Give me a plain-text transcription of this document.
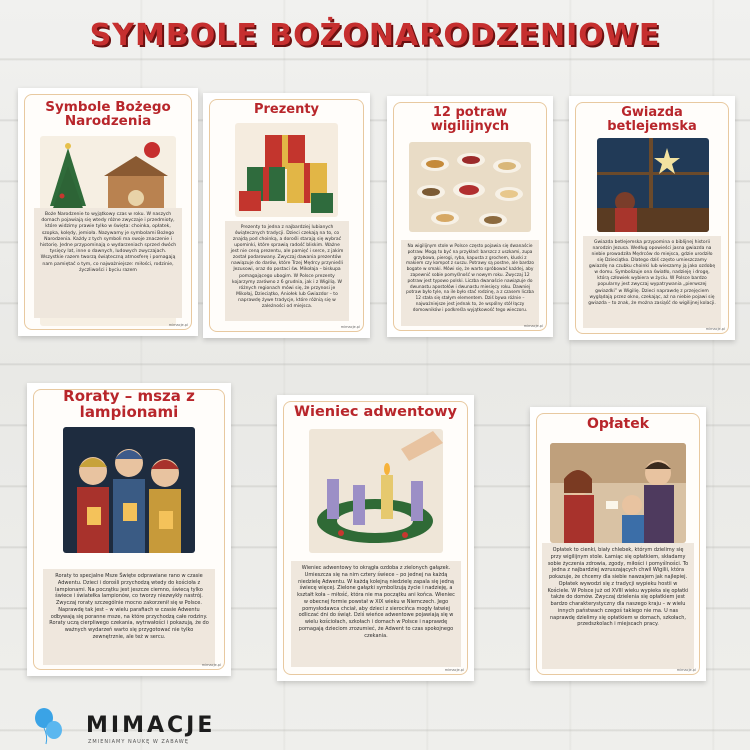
SYMBOLE BOŻONARODZENIOWE
Symbole Bożego Narodzenia
Boże Narodzenie to wyjątkowy czas w roku. W naszych domach pojawiają się wtedy różne zwyczaje i przedmioty, które widzimy prawie tylko w święta: choinka, opłatek, szopka, kolędy, jemioła. Nazywamy je symbolami Bożego Narodzenia. Każdy z tych symboli ma swoje znaczenie i historię. Jedne przypominają o wydarzeniach sprzed dwóch tysięcy lat, inne o dawnych, ludowych zwyczajach. Wszystkie razem tworzą świąteczną atmosferę i pomagają nam pamiętać o tym, co najważniejsze: miłości, rodzinie, życzliwości i byciu razem
mimacje.pl
Prezenty
Prezenty to jedna z najbardziej lubianych świątecznych tradycji. Dzieci czekają na to, co znajdą pod choinką, a dorośli starają się wybrać upominki, które sprawią radość bliskim. Ważne jest nie ceną prezentu, ale pamięć i serce, z jakim został podarowany. Zwyczaj dawania prezentów nawiązuje do darów, które Trzej Mędrcy przynieśli Jezusowi, oraz do postaci św. Mikołaja – biskupa pomagającego ubogim. W Polsce prezenty kojarzymy zarówno z 6 grudnia, jak i z Wigilią. W różnych regionach mówi się, że przynosi je Mikołaj, Dzieciątko, Aniołek lub Gwiazdor – to naprawdę żywe tradycje, które różnią się w zależności od miejsca.
mimacje.pl
12 potraw wigilijnych
Na wigilijnym stole w Polsce często pojawia się dwanaście potraw. Mogą to być na przykład: barszcz z uszkami, zupa grzybowa, pierogi, ryba, kapusta z grochem, kluski z makiem czy kompot z suszu. Potrawy są postne, ale bardzo bogate w smaki. Mówi się, że warto spróbować każdej, aby zapewnić sobie pomyślność w nowym roku. Zwyczaj 12 potraw jest typowo polski. Liczba dwanaście nawiązuje do dwunastu apostołów i dwunastu miesięcy roku. Dawniej potraw było tyle, na ile było stać rodzinę, a z czasem liczba 12 stała się stałym elementem. Dziś bywa różnie – najważniejsze jest jednak to, że wspólny stół łączy domowników i podkreśla wyjątkowość tego wieczoru.
mimacje.pl
Gwiazda betlejemska
Gwiazda betlejemska przypomina o biblijnej historii narodzin Jezusa. Według opowieści jasna gwiazda na niebie prowadziła Mędrców do miejsca, gdzie urodziło się Dzieciątko. Dlatego dziś często umieszczamy gwiazdę na czubku choinki lub wieszamy ją jako ozdobę w domu. Symbolizuje ona światło, nadzieję i drogę, którą człowiek wybiera w życiu. W Polsce bardzo popularny jest zwyczaj wypatrywania „pierwszej gwiazdki” w Wigilię. Dzieci naprawdę z przejęciem wyglądają przez okno, czekając, aż na niebie pojawi się gwiazda – to znak, że można zasiąść do wigilijnej kolacji.
mimacje.pl
Roraty – msza z lampionami
Roraty to specjalne Msze Święte odprawiane rano w czasie Adwentu. Dzieci i dorośli przychodzą wtedy do kościoła z lampionami. Na początku jest jeszcze ciemno, świecą tylko świece i światełka lampionów, co tworzy niezwykły nastrój. Zwyczaj roraty szczególnie mocno zakorzenił się w Polsce. Naprawdę tak jest – w wielu parafiach w czasie Adwentu odbywają się poranne msze, na które przychodzą całe rodziny. Roraty uczą cierpliwego czekania, wytrwałości i pokazują, że do ważnych wydarzeń warto się przygotować nie tylko zewnętrznie, ale też w sercu.
mimacje.pl
Wieniec adwentowy
Wieniec adwentowy to okrągła ozdoba z zielonych gałązek. Umieszcza się na nim cztery świece – po jednej na każdą niedzielę Adwentu. W każdą kolejną niedzielę zapala się jedną świecę więcej. Zielone gałązki symbolizują życie i nadzieję, a kształt koła – miłość, która nie ma początku ani końca. Wieniec w obecnej formie powstał w XIX wieku w Niemczech. Jego pomysłodawca chciał, aby dzieci z sierocińca mogły łatwiej odliczać dni do świąt. Dziś wieńce adwentowe pojawiają się w wielu kościołach, szkołach i domach w Polsce i naprawdę pomagają dzieciom zrozumieć, że Adwent to czas spokojnego czekania.
mimacje.pl
Opłatek
Opłatek to cienki, biały chlebek, którym dzielimy się przy wigilijnym stole. Łamiąc się opłatkiem, składamy sobie życzenia zdrowia, zgody, miłości i pomyślności. To jedna z najbardziej wzruszających chwil Wigilii, która pokazuje, że chcemy dla siebie nawzajem jak najlepiej. Opłatek wywodzi się z tradycji wypieku hostii w Kościele. W Polsce już od XVIII wieku wypieka się opłatki także do domów. Zwyczaj dzielenia się opłatkiem jest bardzo charakterystyczny dla naszego kraju – w wielu innych państwach czegoś takiego nie ma. U nas naprawdę dzielimy się opłatkiem w domach, szkołach, przedszkolach i miejscach pracy.
mimacje.pl
MIMACJE
ZMIENIAMY NAUKĘ W ZABAWĘ
